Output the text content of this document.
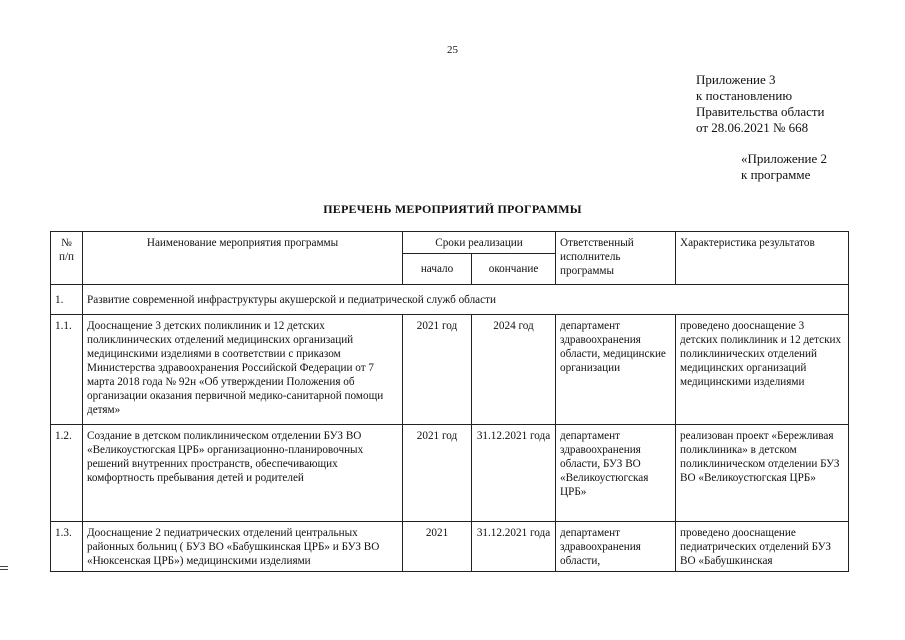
25
Приложение 3
к постановлению
Правительства области
от 28.06.2021 № 668
«Приложение 2
к программе
ПЕРЕЧЕНЬ МЕРОПРИЯТИЙ ПРОГРАММЫ
№
п/п	Наименование мероприятия программы	Сроки реализации		Ответственный исполнитель программы	Характеристика результатов
		начало	окончание		
1.	Развитие современной инфраструктуры акушерской и педиатрической служб области				
1.1.	Дооснащение 3 детских поликлиник и 12 детских поликлинических отделений медицинских организаций медицинскими изделиями в соответствии с приказом Министерства здравоохранения Российской Федерации от 7 марта 2018 года № 92н «Об утверждении Положения об организации оказания первичной медико-санитарной помощи детям»	2021 год	2024 год	департамент здравоохранения области, медицинские организации	проведено дооснащение 3 детских поликлиник и 12 детских поликлинических отделений медицинских организаций медицинскими изделиями
1.2.	Создание в детском поликлиническом отделении БУЗ ВО «Великоустюгская ЦРБ» организационно-планировочных решений внутренних пространств, обеспечивающих комфортность пребывания детей и родителей	2021 год	31.12.2021 года	департамент здравоохранения области, БУЗ ВО «Великоустюгская ЦРБ»	реализован проект «Бережливая поликлиника» в детском поликлиническом отделении БУЗ ВО «Великоустюгская ЦРБ»
1.3.	Дооснащение 2 педиатрических отделений центральных районных больниц ( БУЗ ВО «Бабушкинская ЦРБ» и БУЗ ВО «Нюксенская ЦРБ») медицинскими изделиями	2021	31.12.2021 года	департамент здравоохранения области,	проведено дооснащение педиатрических отделений БУЗ ВО «Бабушкинская
